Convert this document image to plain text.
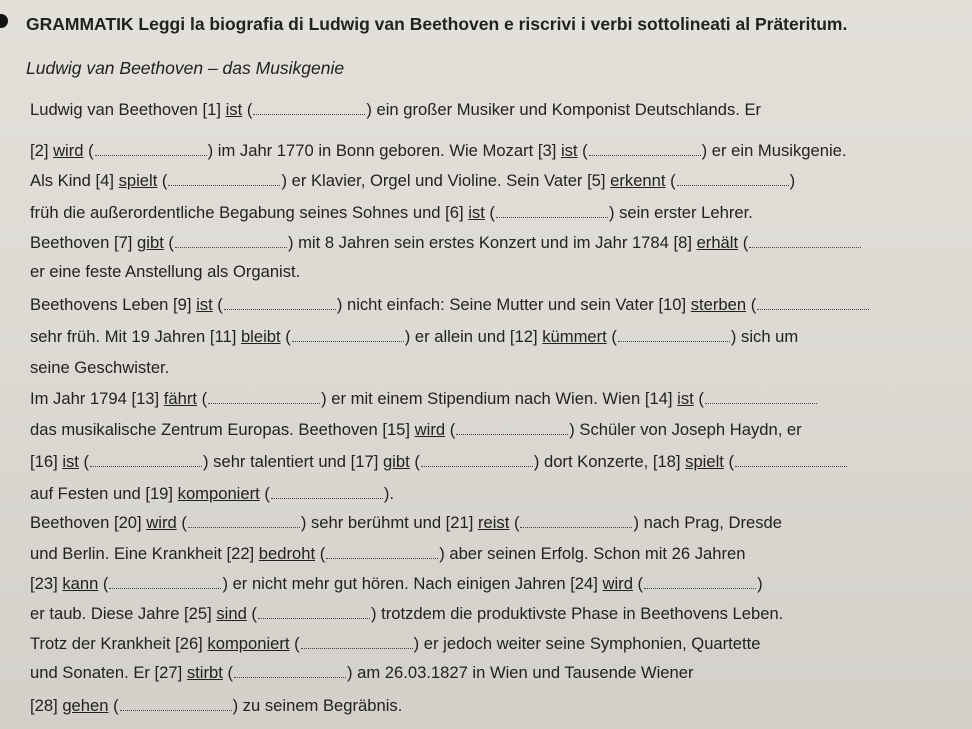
GRAMMATIK Leggi la biografia di Ludwig van Beethoven e riscrivi i verbi sottolineati al Präteritum.
Ludwig van Beethoven – das Musikgenie
Ludwig van Beethoven [1] ist (	) ein großer Musiker und Komponist Deutschlands. Er
[2] wird (	) im Jahr 1770 in Bonn geboren. Wie Mozart [3] ist (	) er ein Musikgenie.
Als Kind [4] spielt (	) er Klavier, Orgel und Violine. Sein Vater [5] erkennt (	)
früh die außerordentliche Begabung seines Sohnes und [6] ist (	) sein erster Lehrer.
Beethoven [7] gibt (	) mit 8 Jahren sein erstes Konzert und im Jahr 1784 [8] erhält (
er eine feste Anstellung als Organist.
Beethovens Leben [9] ist (	) nicht einfach: Seine Mutter und sein Vater [10] sterben (
sehr früh. Mit 19 Jahren [11] bleibt (	) er allein und [12] kümmert (	) sich um
seine Geschwister.
Im Jahr 1794 [13] fährt (	) er mit einem Stipendium nach Wien. Wien [14] ist (
das musikalische Zentrum Europas. Beethoven [15] wird (	) Schüler von Joseph Haydn, er
[16] ist (	) sehr talentiert und [17] gibt (	) dort Konzerte, [18] spielt (
auf Festen und [19] komponiert (	).
Beethoven [20] wird (	) sehr berühmt und [21] reist (	) nach Prag, Dresde
und Berlin. Eine Krankheit [22] bedroht (	) aber seinen Erfolg. Schon mit 26 Jahren
[23] kann (	) er nicht mehr gut hören. Nach einigen Jahren [24] wird (	)
er taub. Diese Jahre [25] sind (	) trotzdem die produktivste Phase in Beethovens Leben.
Trotz der Krankheit [26] komponiert (	) er jedoch weiter seine Symphonien, Quartette
und Sonaten. Er [27] stirbt (	) am 26.03.1827 in Wien und Tausende Wiener
[28] gehen (	) zu seinem Begräbnis.
